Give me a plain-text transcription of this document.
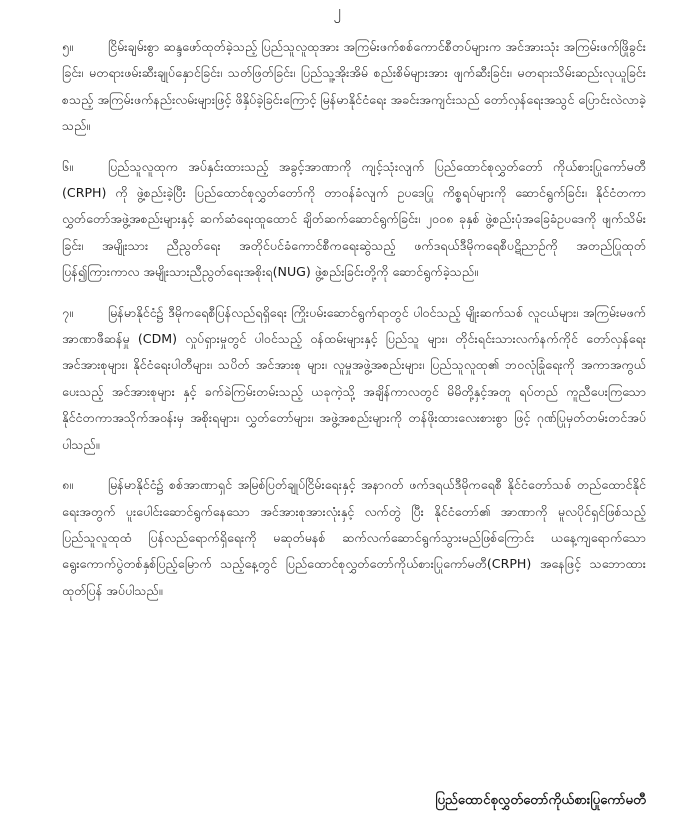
၂
၅။	ငြိမ်းချမ်းစွာ ဆန္ဒဖော်ထုတ်ခဲ့သည့် ပြည်သူလူထုအား အကြမ်းဖက်စစ်ကောင်စီတပ်များက အင်အားသုံး အကြမ်းဖက်ဖြိုခွင်းခြင်း၊ မတရားဖမ်းဆီးချုပ်နှောင်ခြင်း၊ သတ်ဖြတ်ခြင်း၊ ပြည်သူ့အိုးအိမ် စည်းစိမ်များအား ဖျက်ဆီးခြင်း၊ မတရားသိမ်းဆည်းလုယူခြင်း စသည့် အကြမ်းဖက်နည်းလမ်းများဖြင့် ဖိနှိပ်ခဲ့ခြင်းကြောင့် မြန်မာနိုင်ငံရေး အခင်းအကျင်းသည် တော်လှန်ရေးအသွင် ပြောင်းလဲလာခဲ့သည်။
၆။	ပြည်သူလူထုက အပ်နှင်းထားသည့် အခွင့်အာဏာကို ကျင့်သုံးလျက် ပြည်ထောင်စုလွှတ်တော် ကိုယ်စားပြုကော်မတီ (CRPH) ကို ဖွဲ့စည်းခဲ့ပြီး ပြည်ထောင်စုလွှတ်တော်ကို တာဝန်ခံလျက် ဥပဒေပြု ကိစ္စရပ်များကို ဆောင်ရွက်ခြင်း၊ နိုင်ငံတကာလွှတ်တော်အဖွဲ့အစည်းများနှင့် ဆက်ဆံရေးထူထောင် ချိတ်ဆက်ဆောင်ရွက်ခြင်း၊ ၂၀၀၈ ခုနှစ် ဖွဲ့စည်းပုံအခြေခံဥပဒေကို ဖျက်သိမ်းခြင်း၊ အမျိုးသား ညီညွတ်ရေး အတိုင်ပင်ခံကောင်စီကရေးဆွဲသည့် ဖက်ဒရယ်ဒီမိုကရေစီပဋိညာဉ်ကို အတည်ပြုထုတ်ပြန်၍ကြားကာလ အမျိုးသားညီညွတ်ရေးအစိုးရ(NUG) ဖွဲ့စည်းခြင်းတို့ကို ဆောင်ရွက်ခဲ့သည်။
၇။	မြန်မာနိုင်ငံ၌ ဒီမိုကရေစီပြန်လည်ရရှိရေး ကြိုးပမ်းဆောင်ရွက်ရာတွင် ပါဝင်သည့် မျိုးဆက်သစ် လူငယ်များ၊ အကြမ်းမဖက်အာဏာဖီဆန်မှု (CDM) လှုပ်ရှားမှုတွင် ပါဝင်သည့် ဝန်ထမ်းများနှင့် ပြည်သူ များ၊ တိုင်းရင်းသားလက်နက်ကိုင် တော်လှန်ရေးအင်အားစုများ၊ နိုင်ငံရေးပါတီများ၊ သပိတ် အင်အားစု များ၊ လူမှုအဖွဲ့အစည်းများ၊ ပြည်သူလူထု၏ ဘဝလုံခြုံရေးကို အကာအကွယ်ပေးသည့် အင်အားစုများ နှင့် ခက်ခဲကြမ်းတမ်းသည့် ယခုကဲ့သို့ အချိန်ကာလတွင် မိမိတို့နှင့်အတူ ရပ်တည် ကူညီပေးကြသော နိုင်ငံတကာအသိုက်အဝန်းမှ အစိုးရများ၊ လွှတ်တော်များ၊ အဖွဲ့အစည်းများကို တန်ဖိုးထားလေးစားစွာ ဖြင့် ဂုဏ်ပြုမှတ်တမ်းတင်အပ်ပါသည်။
၈။	မြန်မာနိုင်ငံ၌ စစ်အာဏာရှင် အမြစ်ပြတ်ချုပ်ငြိမ်းရေးနှင့် အနာဂတ် ဖက်ဒရယ်ဒီမိုကရေစီ နိုင်ငံတော်သစ် တည်ထောင်နိုင်ရေးအတွက် ပူးပေါင်းဆောင်ရွက်နေသော အင်အားစုအားလုံးနှင့် လက်တွဲ ပြီး နိုင်ငံတော်၏ အာဏာကို မူလပိုင်ရှင်ဖြစ်သည့် ပြည်သူလူထုထံ ပြန်လည်ရောက်ရှိရေးကို မဆုတ်မနစ် ဆက်လက်ဆောင်ရွက်သွားမည်ဖြစ်ကြောင်း ယနေ့ကျရောက်သော ရွေးကောက်ပွဲတစ်နှစ်ပြည့်မြောက် သည့်နေ့တွင် ပြည်ထောင်စုလွှတ်တော်ကိုယ်စားပြုကော်မတီ(CRPH) အနေဖြင့် သဘောထားထုတ်ပြန် အပ်ပါသည်။
ပြည်ထောင်စုလွှတ်တော်ကိုယ်စားပြုကော်မတီ
